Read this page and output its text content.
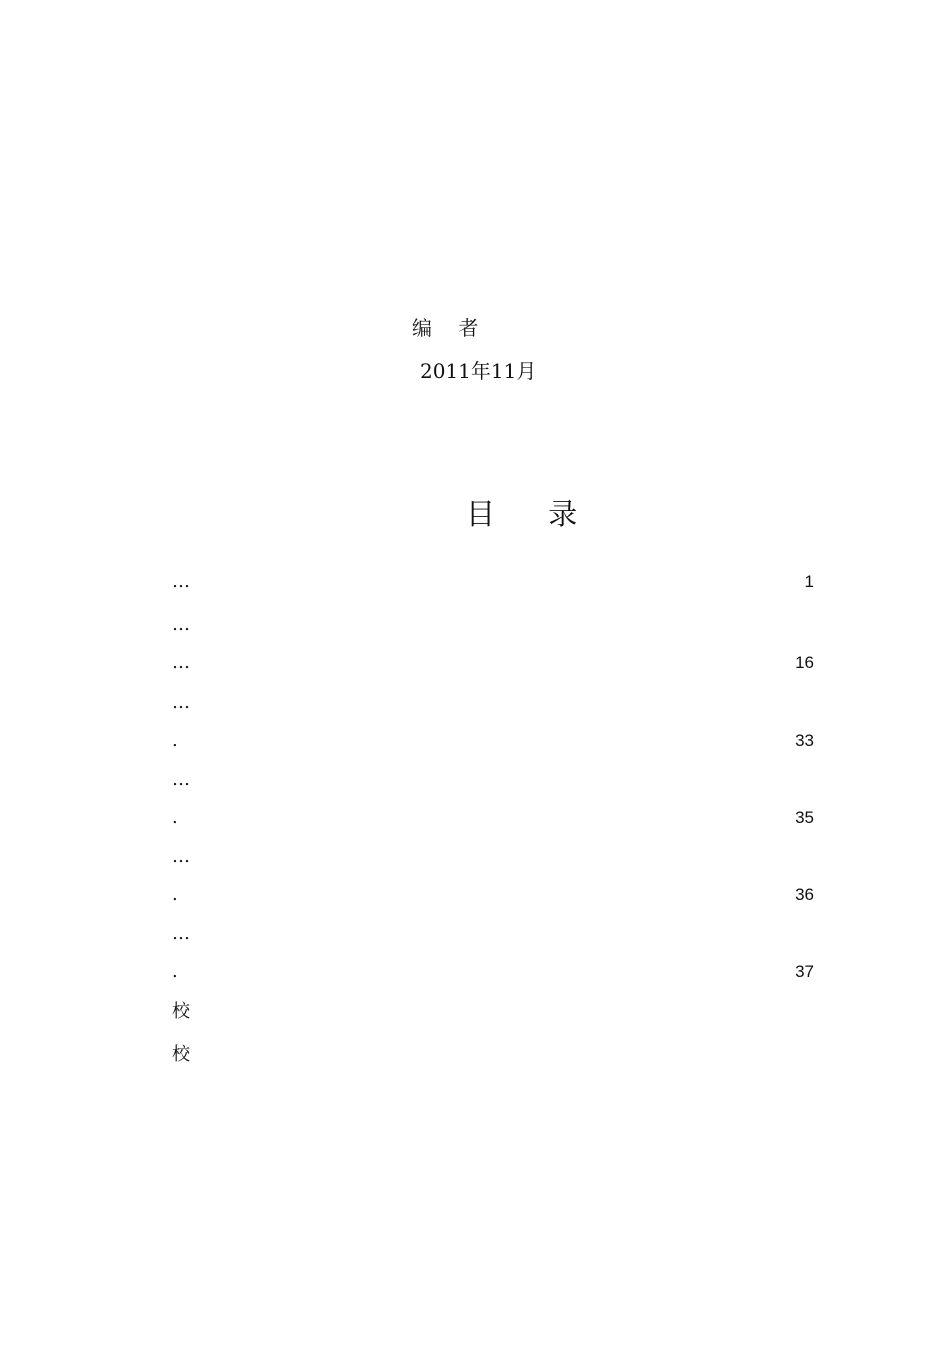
编 者
2011年11月
目 录
…	1
…
…	16
…
.	33
…
.	35
…
.	36
…
.	37
校
校
